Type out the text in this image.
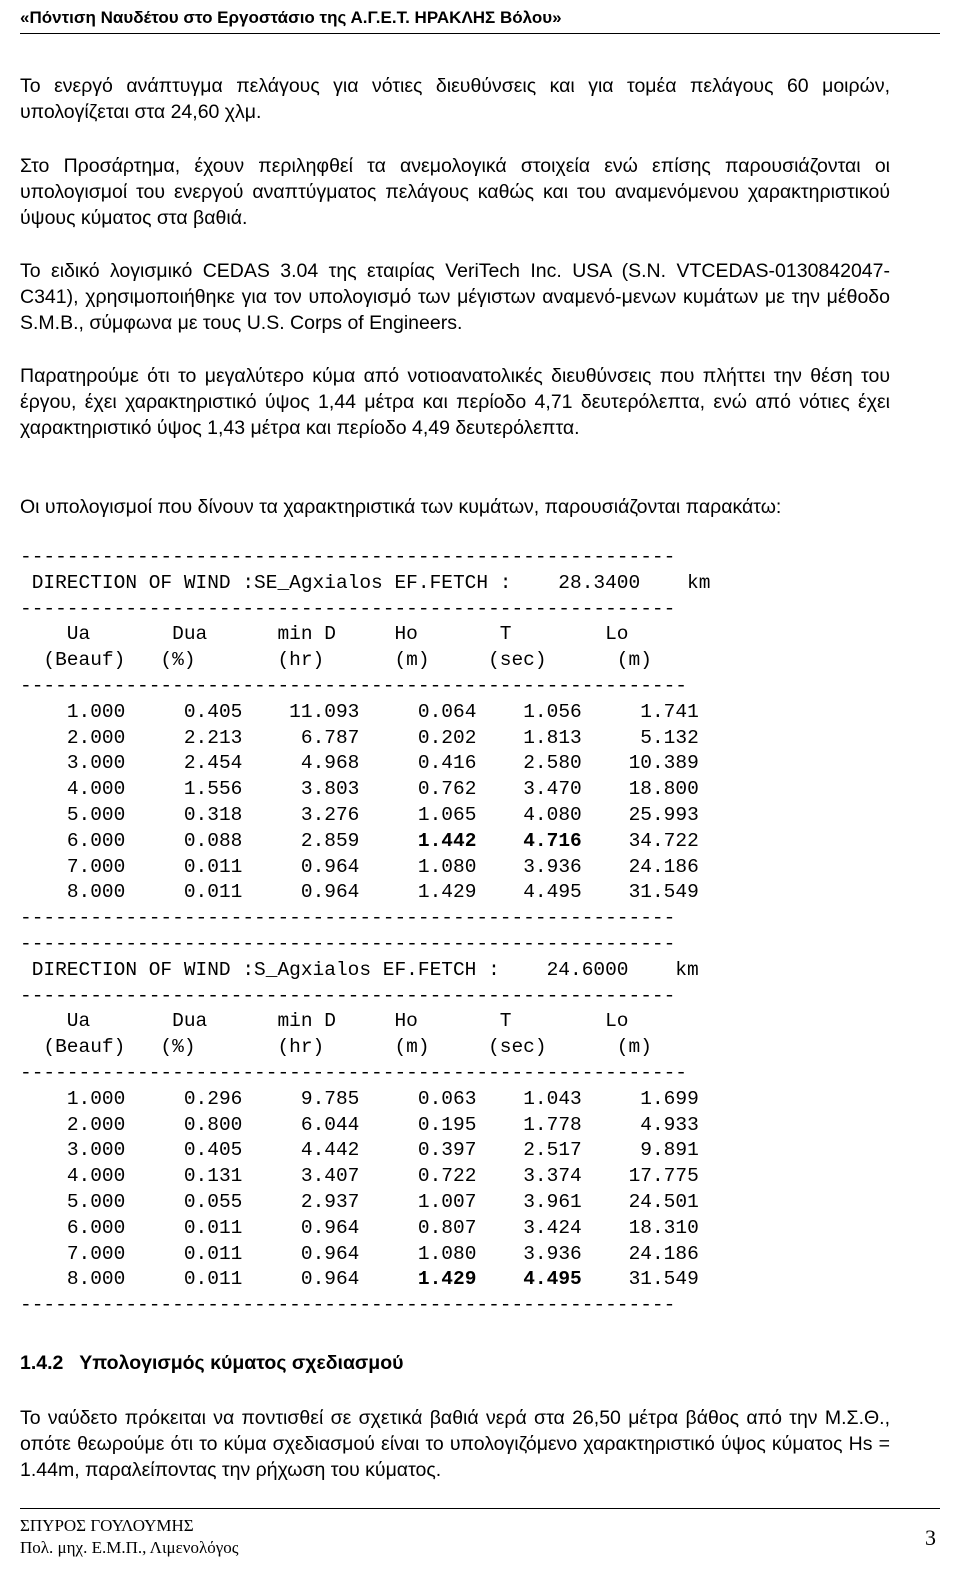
«Πόντιση Ναυδέτου στο Εργοστάσιο της Α.Γ.Ε.Τ. ΗΡΑΚΛΗΣ Βόλου»
Το ενεργό ανάπτυγμα πελάγους για νότιες διευθύνσεις και για τομέα πελάγους 60 μοιρών, υπολογίζεται στα 24,60 χλμ.
Στο Προσάρτημα, έχουν περιληφθεί τα ανεμολογικά στοιχεία ενώ επίσης παρουσιάζονται οι υπολογισμοί του ενεργού αναπτύγματος πελάγους καθώς και του αναμενόμενου χαρακτηριστικού ύψους κύματος στα βαθιά.
Το ειδικό λογισμικό CEDAS 3.04 της εταιρίας VeriTech Inc. USA (S.N. VTCEDAS-0130842047-C341), χρησιμοποιήθηκε για τον υπολογισμό των μέγιστων αναμενό-μενων κυμάτων με την μέθοδο S.M.B., σύμφωνα με τους U.S. Corps of Engineers.
Παρατηρούμε ότι το μεγαλύτερο κύμα από νοτιοανατολικές διευθύνσεις που πλήττει την θέση του έργου, έχει χαρακτηριστικό ύψος 1,44 μέτρα και περίοδο 4,71 δευτερόλεπτα, ενώ από νότιες έχει χαρακτηριστικό ύψος 1,43 μέτρα και περίοδο 4,49 δευτερόλεπτα.
Οι υπολογισμοί που δίνουν τα χαρακτηριστικά των κυμάτων, παρουσιάζονται παρακάτω:
--------------------------------------------------------
DIRECTION OF WIND :SE_Agxialos EF.FETCH :    28.3400    km
--------------------------------------------------------
Ua       Dua      min D     Ho       T        Lo
(Beauf)   (%)       (hr)      (m)     (sec)      (m)
---------------------------------------------------------
1.000	0.405 11.093	0.064 1.056	1.741
2.000	2.213	6.787	0.202 1.813	5.132
3.000	2.454	4.968	0.416 2.580 10.389
4.000	1.556	3.803	0.762 3.470 18.800
5.000	0.318	3.276	1.065 4.080 25.993
6.000	0.088	2.859	1.442 4.716 34.722
7.000	0.011	0.964	1.080 3.936 24.186
8.000	0.011	0.964	1.429 4.495 31.549
--------------------------------------------------------

--------------------------------------------------------
DIRECTION OF WIND :S_Agxialos EF.FETCH :    24.6000    km
--------------------------------------------------------
Ua       Dua      min D     Ho       T        Lo
(Beauf)   (%)       (hr)      (m)     (sec)      (m)
---------------------------------------------------------
1.000	0.296	9.785	0.063 1.043	1.699
2.000	0.800	6.044	0.195 1.778	4.933
3.000	0.405	4.442	0.397 2.517	9.891
4.000	0.131	3.407	0.722 3.374 17.775
5.000	0.055	2.937	1.007 3.961 24.501
6.000	0.011	0.964	0.807 3.424 18.310
7.000	0.011	0.964	1.080 3.936 24.186
8.000	0.011	0.964	1.429 4.495 31.549
--------------------------------------------------------

1.4.2 Υπολογισμός κύματος σχεδιασμού
Το ναύδετο πρόκειται να ποντισθεί σε σχετικά βαθιά νερά στα 26,50 μέτρα βάθος από την Μ.Σ.Θ., οπότε θεωρούμε ότι το κύμα σχεδιασμού είναι το υπολογιζόμενο χαρακτηριστικό ύψος κύματος Hs = 1.44m, παραλείποντας την ρήχωση του κύματος.
ΣΠΥΡΟΣ ΓΟΥΛΟΥΜΗΣ
Πολ. μηχ. Ε.Μ.Π., Λιμενολόγος	3
